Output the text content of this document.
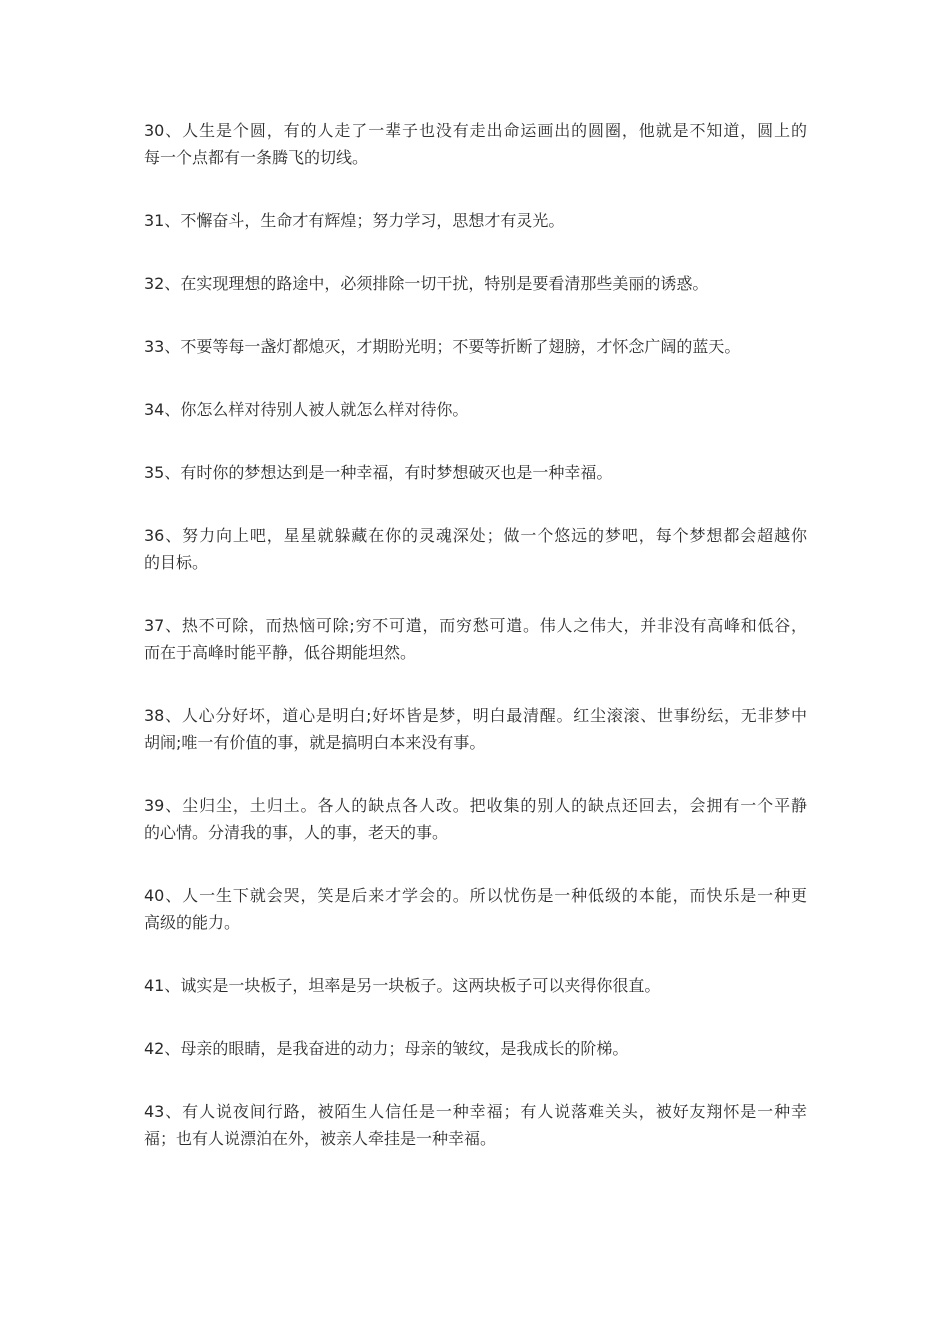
30、人生是个圆，有的人走了一辈子也没有走出命运画出的圆圈，他就是不知道，圆上的
每一个点都有一条腾飞的切线。
31、不懈奋斗，生命才有辉煌；努力学习，思想才有灵光。
32、在实现理想的路途中，必须排除一切干扰，特别是要看清那些美丽的诱惑。
33、不要等每一盏灯都熄灭，才期盼光明；不要等折断了翅膀，才怀念广阔的蓝天。
34、你怎么样对待别人被人就怎么样对待你。
35、有时你的梦想达到是一种幸福，有时梦想破灭也是一种幸福。
36、努力向上吧，星星就躲藏在你的灵魂深处；做一个悠远的梦吧，每个梦想都会超越你
的目标。
37、热不可除，而热恼可除;穷不可遣，而穷愁可遣。伟人之伟大，并非没有高峰和低谷，
而在于高峰时能平静，低谷期能坦然。
38、人心分好坏，道心是明白;好坏皆是梦，明白最清醒。红尘滚滚、世事纷纭，无非梦中
胡闹;唯一有价值的事，就是搞明白本来没有事。
39、尘归尘，土归土。各人的缺点各人改。把收集的别人的缺点还回去，会拥有一个平静
的心情。分清我的事，人的事，老天的事。
40、人一生下就会哭，笑是后来才学会的。所以忧伤是一种低级的本能，而快乐是一种更
高级的能力。
41、诚实是一块板子，坦率是另一块板子。这两块板子可以夹得你很直。
42、母亲的眼睛，是我奋进的动力；母亲的皱纹，是我成长的阶梯。
43、有人说夜间行路，被陌生人信任是一种幸福；有人说落难关头，被好友翔怀是一种幸
福；也有人说漂泊在外，被亲人牵挂是一种幸福。
